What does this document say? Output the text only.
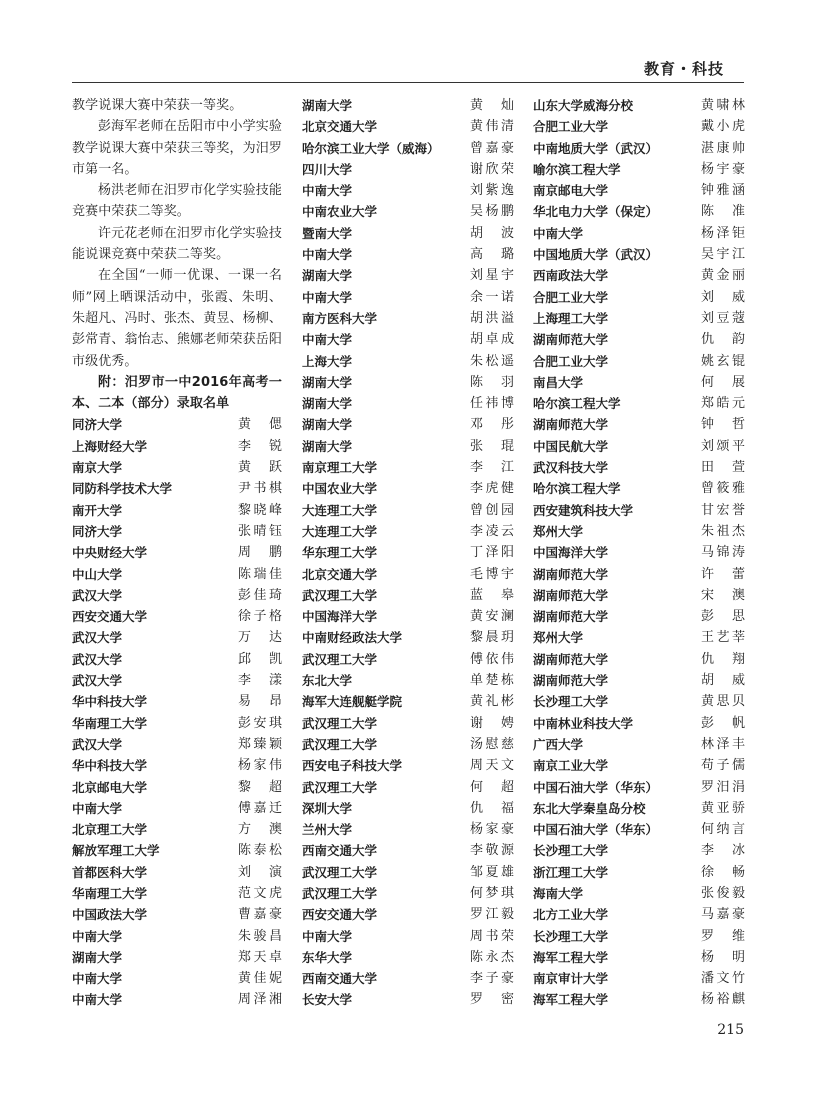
教育・科技

教学说课大赛中荣获一等奖。

彭海军老师在岳阳市中小学实验教学说课大赛中荣获三等奖，为汨罗市第一名。

杨洪老师在汨罗市化学实验技能竞赛中荣获二等奖。

许元花老师在汨罗市化学实验技能说课竞赛中荣获二等奖。

在全国“一师一优课、一课一名师”网上晒课活动中，张霞、朱明、朱超凡、冯时、张杰、黄昱、杨柳、彭常青、翁怡志、熊娜老师荣获岳阳市级优秀。

附：汨罗市一中2016年高考一本、二本（部分）录取名单

同济大学	黄 偲
上海财经大学	李 锐
南京大学	黄 跃
同防科学技术大学	尹书棋
南开大学	黎晓峰
同济大学	张晴钰
中央财经大学	周 鹏
中山大学	陈瑞佳
武汉大学	彭佳琦
西安交通大学	徐子格
武汉大学	万 达
武汉大学	邱 凯
武汉大学	李 漾
华中科技大学	易 昂
华南理工大学	彭安琪
武汉大学	郑臻颖
华中科技大学	杨家伟
北京邮电大学	黎 超
中南大学	傅嘉迁
北京理工大学	方 澳
解放军理工大学	陈泰松
首都医科大学	刘 演
华南理工大学	范文虎
中国政法大学	曹嘉豪
中南大学	朱骏昌
湖南大学	郑天卓
中南大学	黄佳妮
中南大学	周泽湘
湖南大学	黄 灿
北京交通大学	黄伟清
哈尔滨工业大学（威海） 曾嘉豪
四川大学	谢欣荣
中南大学	刘紫逸
中南农业大学	吴杨鹏
暨南大学	胡 波
中南大学	高 璐
湖南大学	刘星宇
中南大学	余一诺
南方医科大学	胡洪溢
中南大学	胡卓成
上海大学	朱松遥
湖南大学	陈 羽
湖南大学	任祎博
湖南大学	邓 彤
湖南大学	张 琨
南京理工大学	李 江
中国农业大学	李虎健
大连理工大学	曾创园
大连理工大学	李凌云
华东理工大学	丁泽阳
北京交通大学	毛博宇
武汉理工大学	蓝 皋
中国海洋大学	黄安澜
中南财经政法大学	黎晨玥
武汉理工大学	傅依伟
东北大学	单楚栋
海军大连舰艇学院	黄礼彬
武汉理工大学	谢 娉
武汉理工大学	汤慰慈
西安电子科技大学	周天文
武汉理工大学	何 超
深圳大学	仇 福
兰州大学	杨家豪
西南交通大学	李敬源
武汉理工大学	邹夏雄
武汉理工大学	何梦琪
西安交通大学	罗江毅
中南大学	周书荣
东华大学	陈永杰
西南交通大学	李子豪
长安大学	罗 密
山东大学威海分校	黄啸林
合肥工业大学	戴小虎
中南地质大学（武汉）	湛康帅
喻尔滨工程大学	杨宇豪
南京邮电大学	钟雅涵
华北电力大学（保定）	陈 准
中南大学	杨泽钜
中国地质大学（武汉）	吴宇江
西南政法大学	黄金丽
合肥工业大学	刘 威
上海理工大学	刘豆蔻
湖南师范大学	仇 韵
合肥工业大学	姚玄锟
南昌大学	何 展
哈尔滨工程大学	郑皓元
湖南师范大学	钟 哲
中国民航大学	刘颂平
武汉科技大学	田 萱
哈尔滨工程大学	曾筱雅
西安建筑科技大学	甘宏誉
郑州大学	朱祖杰
中国海洋大学	马锦涛
湖南师范大学	许 蕾
湖南师范大学	宋 澳
湖南师范大学	彭 思
郑州大学	王艺莘
湖南师范大学	仇 翔
湖南师范大学	胡 威
长沙理工大学	黄思贝
中南林业科技大学	彭 帆
广西大学	林泽丰
南京工业大学	苟子儒
中国石油大学（华东）	罗汨涓
东北大学秦皇岛分校	黄亚骄
中国石油大学（华东）	何纳言
长沙理工大学	李 冰
浙江理工大学	徐 畅
海南大学	张俊毅
北方工业大学	马嘉豪
长沙理工大学	罗 维
海军工程大学	杨 明
南京审计大学	潘文竹
海军工程大学	杨裕麒
215
